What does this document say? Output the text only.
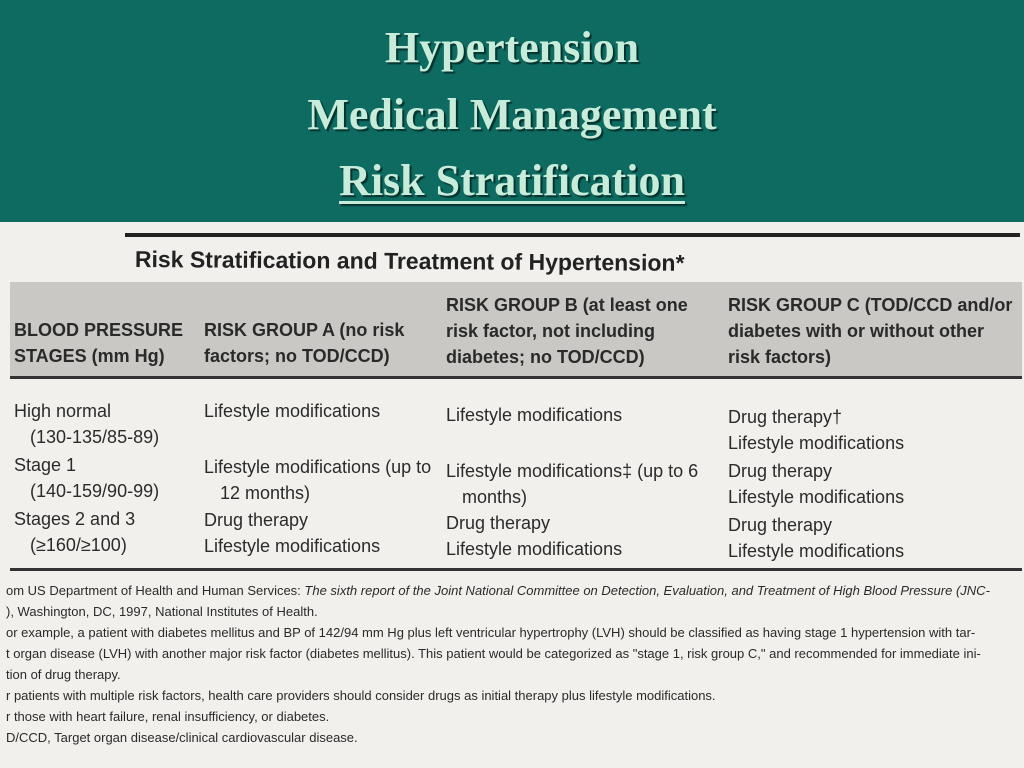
Hypertension
Medical Management
Risk Stratification
Risk Stratification and Treatment of Hypertension*
BLOOD PRESSURE STAGES (mm Hg)
RISK GROUP A (no risk factors; no TOD/CCD)
RISK GROUP B (at least one risk factor, not including diabetes; no TOD/CCD)
RISK GROUP C (TOD/CCD and/or diabetes with or without other risk factors)
High normal
(130-135/85-89)
Lifestyle modifications	Lifestyle modifications	Drug therapy†
Lifestyle modifications
Stage 1
(140-159/90-99)
Lifestyle modifications (up to
12 months)
Lifestyle modifications‡ (up to 6
months)
Drug therapy
Lifestyle modifications
Stages 2 and 3
(≥160/≥100)
Drug therapy
Lifestyle modifications
Drug therapy
Lifestyle modifications
Drug therapy
Lifestyle modifications
om US Department of Health and Human Services: The sixth report of the Joint National Committee on Detection, Evaluation, and Treatment of High Blood Pressure (JNC-
), Washington, DC, 1997, National Institutes of Health.
or example, a patient with diabetes mellitus and BP of 142/94 mm Hg plus left ventricular hypertrophy (LVH) should be classified as having stage 1 hypertension with tar-
t organ disease (LVH) with another major risk factor (diabetes mellitus). This patient would be categorized as "stage 1, risk group C," and recommended for immediate ini-
tion of drug therapy.
r patients with multiple risk factors, health care providers should consider drugs as initial therapy plus lifestyle modifications.
r those with heart failure, renal insufficiency, or diabetes.
D/CCD, Target organ disease/clinical cardiovascular disease.
